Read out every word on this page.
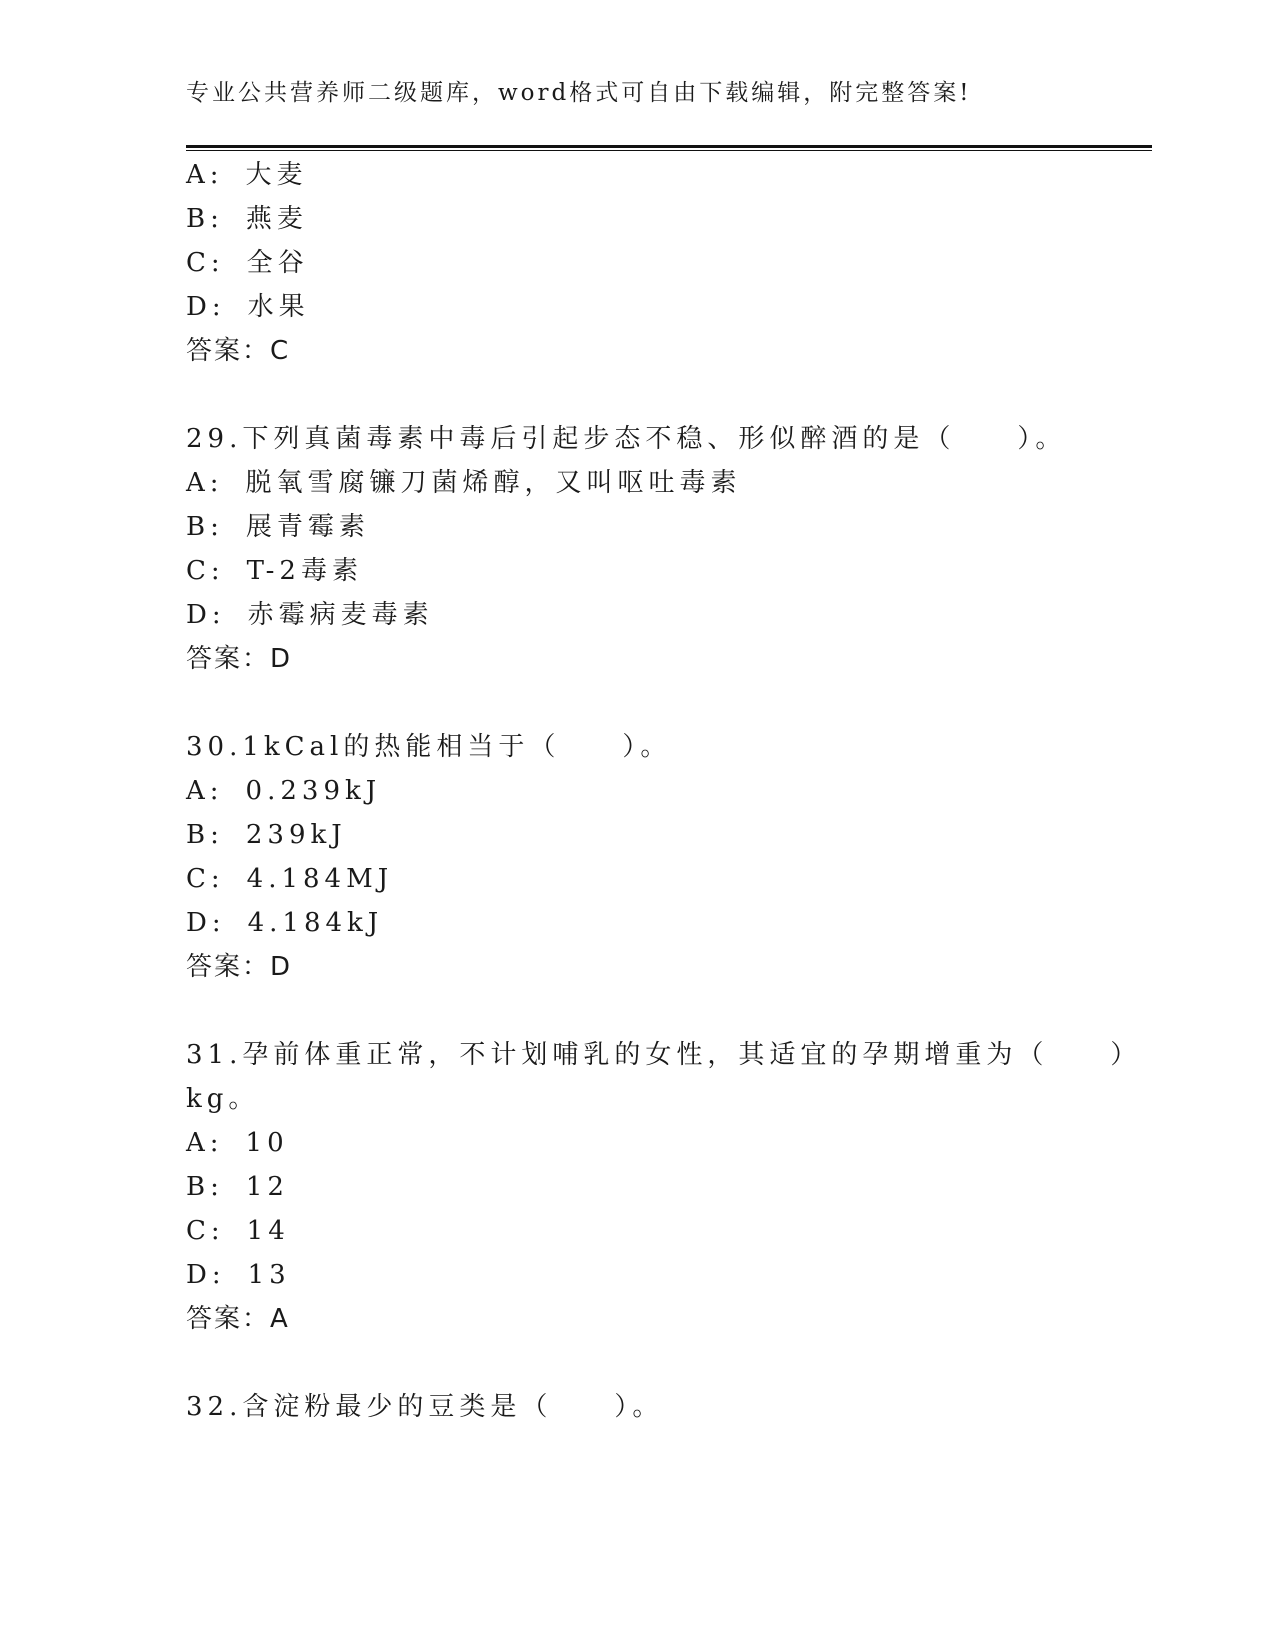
专业公共营养师二级题库，word格式可自由下载编辑，附完整答案!
A: 大麦
B: 燕麦
C: 全谷
D: 水果
答案：C
29.下列真菌毒素中毒后引起步态不稳、形似醉酒的是（　　）。
A: 脱氧雪腐镰刀菌烯醇，又叫呕吐毒素
B: 展青霉素
C: T-2毒素
D: 赤霉病麦毒素
答案：D
30.1kCal的热能相当于（　　）。
A: 0.239kJ
B: 239kJ
C: 4.184MJ
D: 4.184kJ
答案：D
31.孕前体重正常，不计划哺乳的女性，其适宜的孕期增重为（　　）
kg。
A: 10
B: 12
C: 14
D: 13
答案：A
32.含淀粉最少的豆类是（　　）。
